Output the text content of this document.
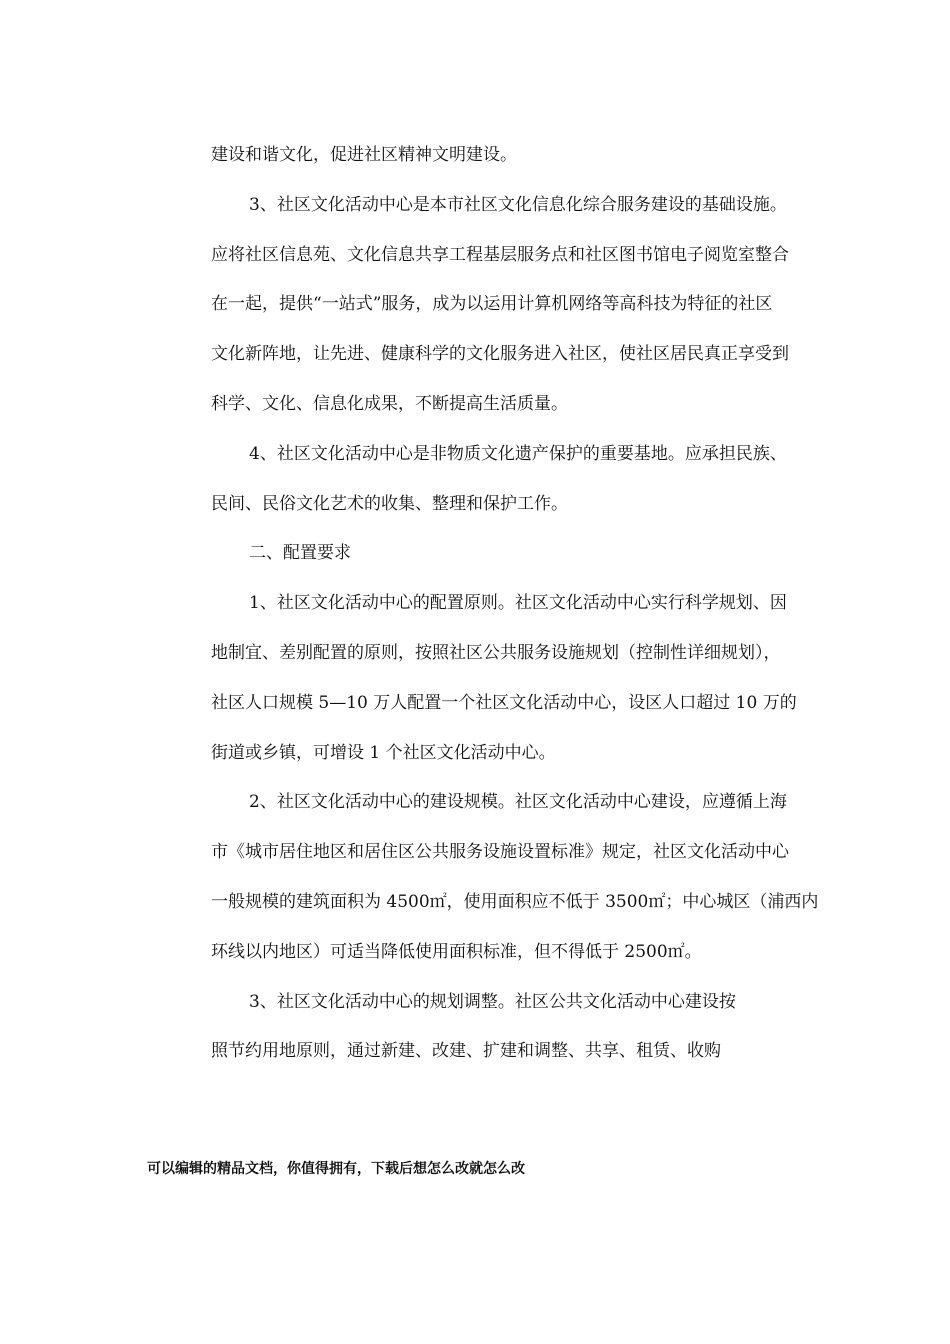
建设和谐文化，促进社区精神文明建设。
3、社区文化活动中心是本市社区文化信息化综合服务建设的基础设施。
应将社区信息苑、文化信息共享工程基层服务点和社区图书馆电子阅览室整合
在一起，提供“一站式”服务，成为以运用计算机网络等高科技为特征的社区
文化新阵地，让先进、健康科学的文化服务进入社区，使社区居民真正享受到
科学、文化、信息化成果，不断提高生活质量。
4、社区文化活动中心是非物质文化遗产保护的重要基地。应承担民族、
民间、民俗文化艺术的收集、整理和保护工作。
二、配置要求
1、社区文化活动中心的配置原则。社区文化活动中心实行科学规划、因
地制宜、差别配置的原则，按照社区公共服务设施规划（控制性详细规划），
社区人口规模 5—10 万人配置一个社区文化活动中心，设区人口超过 10 万的
街道或乡镇，可增设 1 个社区文化活动中心。
2、社区文化活动中心的建设规模。社区文化活动中心建设，应遵循上海
市《城市居住地区和居住区公共服务设施设置标准》规定，社区文化活动中心
一般规模的建筑面积为 4500㎡，使用面积应不低于 3500㎡；中心城区（浦西内
环线以内地区）可适当降低使用面积标准，但不得低于 2500㎡。
3、社区文化活动中心的规划调整。社区公共文化活动中心建设按
照节约用地原则，通过新建、改建、扩建和调整、共享、租赁、收购
可以编辑的精品文档，你值得拥有，下载后想怎么改就怎么改
